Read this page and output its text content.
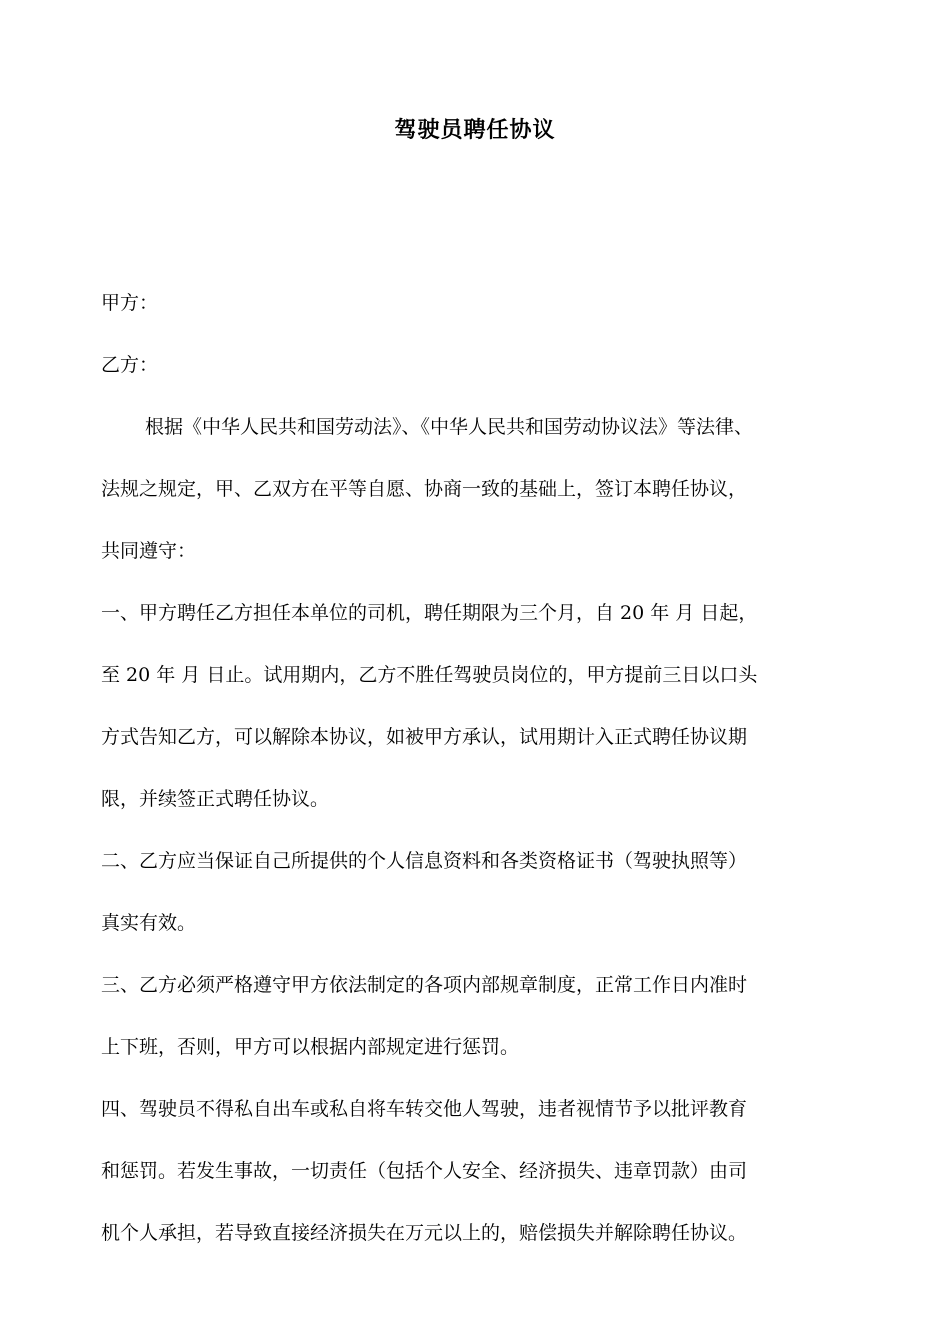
驾驶员聘任协议
甲方：
乙方：
根据《中华人民共和国劳动法》、《中华人民共和国劳动协议法》等法律、
法规之规定，甲、乙双方在平等自愿、协商一致的基础上，签订本聘任协议，
共同遵守：
一、甲方聘任乙方担任本单位的司机，聘任期限为三个月，自 20 年 月 日起，
至 20 年 月 日止。试用期内，乙方不胜任驾驶员岗位的，甲方提前三日以口头
方式告知乙方，可以解除本协议，如被甲方承认，试用期计入正式聘任协议期
限，并续签正式聘任协议。
二、乙方应当保证自己所提供的个人信息资料和各类资格证书（驾驶执照等）
真实有效。
三、乙方必须严格遵守甲方依法制定的各项内部规章制度，正常工作日内准时
上下班，否则，甲方可以根据内部规定进行惩罚。
四、驾驶员不得私自出车或私自将车转交他人驾驶，违者视情节予以批评教育
和惩罚。若发生事故，一切责任（包括个人安全、经济损失、违章罚款）由司
机个人承担，若导致直接经济损失在万元以上的，赔偿损失并解除聘任协议。
